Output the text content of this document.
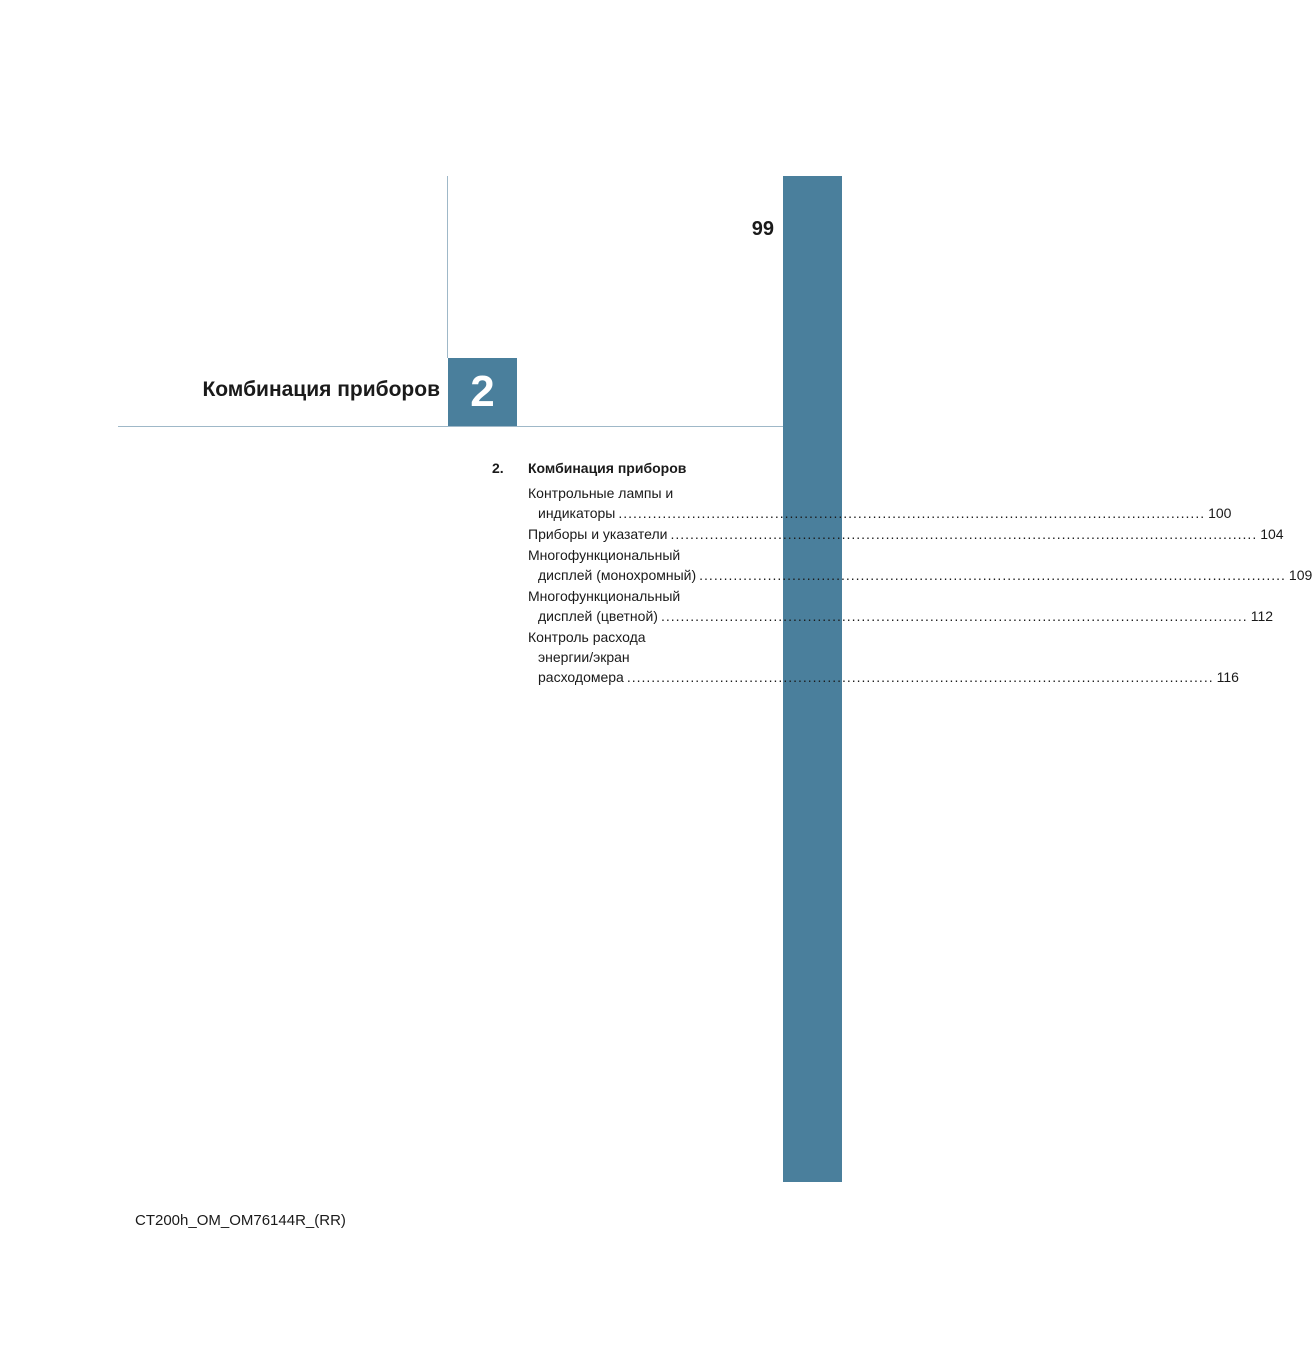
99
Комбинация приборов 2
2. Комбинация приборов
Контрольные лампы и
индикаторы ........................................................................................................................ 100
Приборы и указатели ........................................................................................................................ 104
Многофункциональный
дисплей (монохромный) ........................................................................................................................ 109
Многофункциональный
дисплей (цветной) ........................................................................................................................ 112
Контроль расхода
энергии/экран
расходомера ........................................................................................................................ 116
CT200h_OM_OM76144R_(RR)
